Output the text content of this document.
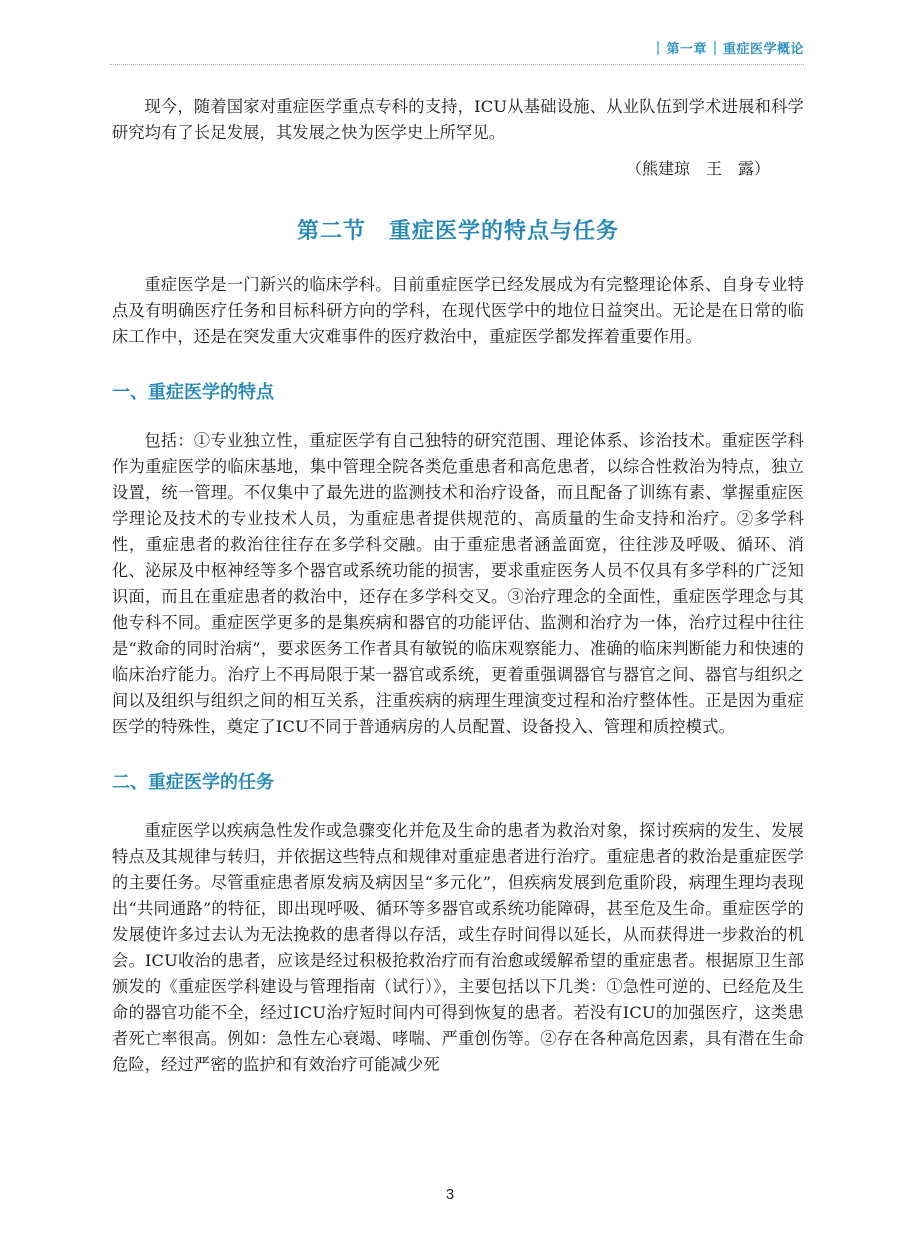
第一章 重症医学概论

现今，随着国家对重症医学重点专科的支持，ICU从基础设施、从业队伍到学术进展和科学研究均有了长足发展，其发展之快为医学史上所罕见。

（熊建琼　王　露）
第二节　重症医学的特点与任务

重症医学是一门新兴的临床学科。目前重症医学已经发展成为有完整理论体系、自身专业特点及有明确医疗任务和目标科研方向的学科，在现代医学中的地位日益突出。无论是在日常的临床工作中，还是在突发重大灾难事件的医疗救治中，重症医学都发挥着重要作用。

一、重症医学的特点

包括：①专业独立性，重症医学有自己独特的研究范围、理论体系、诊治技术。重症医学科作为重症医学的临床基地，集中管理全院各类危重患者和高危患者，以综合性救治为特点，独立设置，统一管理。不仅集中了最先进的监测技术和治疗设备，而且配备了训练有素、掌握重症医学理论及技术的专业技术人员，为重症患者提供规范的、高质量的生命支持和治疗。②多学科性，重症患者的救治往往存在多学科交融。由于重症患者涵盖面宽，往往涉及呼吸、循环、消化、泌尿及中枢神经等多个器官或系统功能的损害，要求重症医务人员不仅具有多学科的广泛知识面，而且在重症患者的救治中，还存在多学科交叉。③治疗理念的全面性，重症医学理念与其他专科不同。重症医学更多的是集疾病和器官的功能评估、监测和治疗为一体，治疗过程中往往是“救命的同时治病”，要求医务工作者具有敏锐的临床观察能力、准确的临床判断能力和快速的临床治疗能力。治疗上不再局限于某一器官或系统，更着重强调器官与器官之间、器官与组织之间以及组织与组织之间的相互关系，注重疾病的病理生理演变过程和治疗整体性。正是因为重症医学的特殊性，奠定了ICU不同于普通病房的人员配置、设备投入、管理和质控模式。

二、重症医学的任务

重症医学以疾病急性发作或急骤变化并危及生命的患者为救治对象，探讨疾病的发生、发展特点及其规律与转归，并依据这些特点和规律对重症患者进行治疗。重症患者的救治是重症医学的主要任务。尽管重症患者原发病及病因呈“多元化”，但疾病发展到危重阶段，病理生理均表现出“共同通路”的特征，即出现呼吸、循环等多器官或系统功能障碍，甚至危及生命。重症医学的发展使许多过去认为无法挽救的患者得以存活，或生存时间得以延长，从而获得进一步救治的机会。ICU收治的患者，应该是经过积极抢救治疗而有治愈或缓解希望的重症患者。根据原卫生部颁发的《重症医学科建设与管理指南（试行）》，主要包括以下几类：①急性可逆的、已经危及生命的器官功能不全，经过ICU治疗短时间内可得到恢复的患者。若没有ICU的加强医疗，这类患者死亡率很高。例如：急性左心衰竭、哮喘、严重创伤等。②存在各种高危因素，具有潜在生命危险，经过严密的监护和有效治疗可能减少死

3
